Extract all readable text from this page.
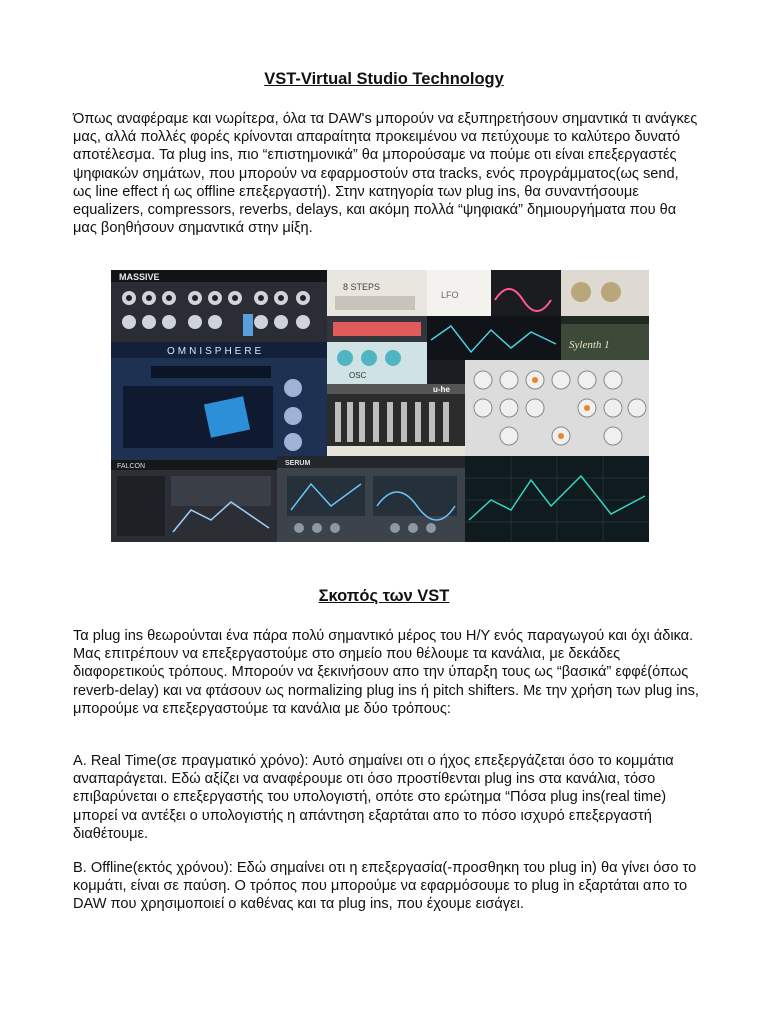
VST-Virtual Studio Technology

Όπως αναφέραμε και νωρίτερα, όλα τα DAW's μπορούν να εξυπηρετήσουν σημαντικά τι ανάγκες μας, αλλά πολλές φορές κρίνονται απαραίτητα προκειμένου να πετύχουμε το καλύτερο δυνατό αποτέλεσμα. Τα plug ins, πιο “επιστημονικά” θα μπορούσαμε να πούμε οτι είναι επεξεργαστές ψηφιακών σημάτων, που μπορούν να εφαρμοστούν στα tracks, ενός προγράμματος(ως send, ως line effect ή ως offline επεξεργαστή). Στην κατηγορία των plug ins, θα συναντήσουμε equalizers, compressors, reverbs, delays, και ακόμη πολλά “ψηφιακά” δημιουργήματα που θα μας βοηθήσουν σημαντικά στην μίξη.

MASSIVE
8 STEPS
LFO
Sylenth 1
OSC
OMNISPHERE
u-he
FALCON	SERUM
Σκοπός των VST

Τα plug ins θεωρούνται ένα πάρα πολύ σημαντικό μέρος του Η/Υ ενός παραγωγού και όχι άδικα. Μας επιτρέπουν να επεξεργαστούμε στο σημείο που θέλουμε τα κανάλια, με δεκάδες διαφορετικούς τρόπους. Μπορούν να ξεκινήσουν απο την ύπαρξη τους ως “βασικά” εφφέ(όπως reverb-delay) και να φτάσουν ως normalizing plug ins ή pitch shifters. Με την χρήση των plug ins, μπορούμε να επεξεργαστούμε τα κανάλια με δύο τρόπους:

A. Real Time(σε πραγματικό χρόνο): Αυτό σημαίνει οτι ο ήχος επεξεργάζεται όσο το κομμάτια αναπαράγεται. Εδώ αξίζει να αναφέρουμε οτι όσο προστίθενται plug ins στα κανάλια, τόσο επιβαρύνεται ο επεξεργαστής του υπολογιστή, οπότε στο ερώτημα “Πόσα plug ins(real time) μπορεί να αντέξει ο υπολογιστής η απάντηση εξαρτάται απο το πόσο ισχυρό επεξεργαστή διαθέτουμε.

B. Offline(εκτός χρόνου): Εδώ σημαίνει οτι η επεξεργασία(-προσθηκη του plug in) θα γίνει όσο το κομμάτι, είναι σε παύση. Ο τρόπος που μπορούμε να εφαρμόσουμε το plug in εξαρτάται απο το DAW που χρησιμοποιεί ο καθένας και τα plug ins, που έχουμε εισάγει.
